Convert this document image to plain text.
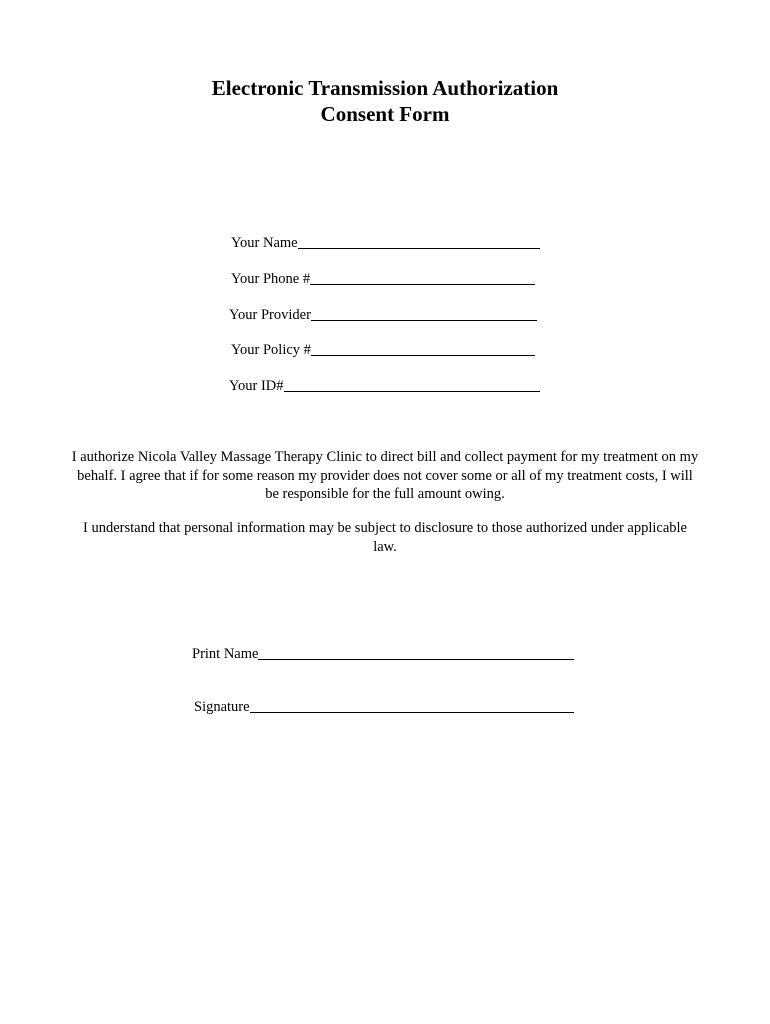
Electronic Transmission Authorization
Consent Form
Your Name
Your Phone #
Your Provider
Your Policy #
Your ID#
I authorize Nicola Valley Massage Therapy Clinic to direct bill and collect payment for my treatment on my behalf. I agree that if for some reason my provider does not cover some or all of my treatment costs, I will be responsible for the full amount owing.
I understand that personal information may be subject to disclosure to those authorized under applicable law.
Print Name
Signature
